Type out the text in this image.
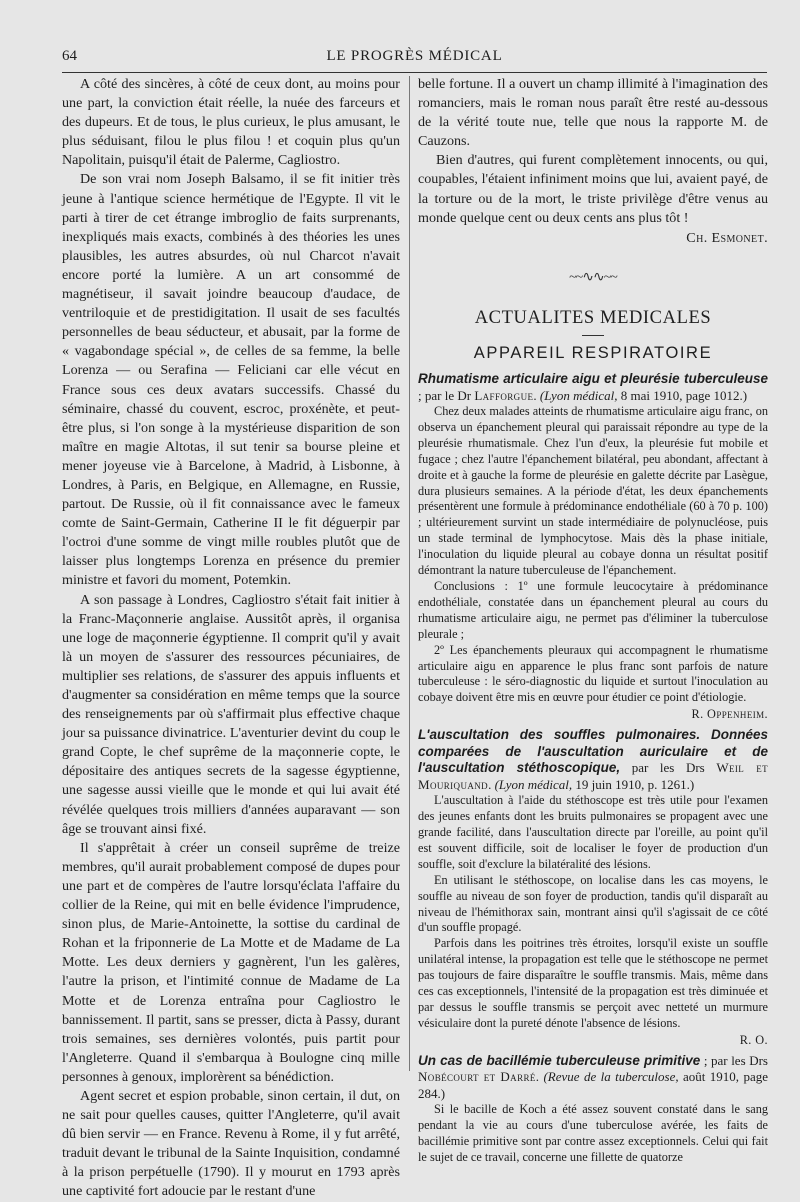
64	LE PROGRÈS MÉDICAL

A côté des sincères, à côté de ceux dont, au moins pour une part, la conviction était réelle, la nuée des farceurs et des dupeurs. Et de tous, le plus curieux, le plus amusant, le plus séduisant, filou le plus filou ! et coquin plus qu'un Napolitain, puisqu'il était de Palerme, Cagliostro.

De son vrai nom Joseph Balsamo, il se fit initier très jeune à l'antique science hermétique de l'Egypte. Il vit le parti à tirer de cet étrange imbroglio de faits surprenants, inexpliqués mais exacts, combinés à des théories les unes plausibles, les autres absurdes, où nul Charcot n'avait encore porté la lumière. A un art consommé de magnétiseur, il savait joindre beaucoup d'audace, de ventriloquie et de prestidigitation. Il usait de ses facultés personnelles de beau séducteur, et abusait, par la forme de « vagabondage spécial », de celles de sa femme, la belle Lorenza — ou Serafina — Feliciani car elle vécut en France sous ces deux avatars successifs. Chassé du séminaire, chassé du couvent, escroc, proxénète, et peut-être plus, si l'on songe à la mystérieuse disparition de son maître en magie Altotas, il sut tenir sa bourse pleine et mener joyeuse vie à Barcelone, à Madrid, à Lisbonne, à Londres, à Paris, en Belgique, en Allemagne, en Russie, partout. De Russie, où il fit connaissance avec le fameux comte de Saint-Germain, Catherine II le fit déguerpir par l'octroi d'une somme de vingt mille roubles plutôt que de laisser plus longtemps Lorenza en présence du premier ministre et favori du moment, Potemkin.

A son passage à Londres, Cagliostro s'était fait initier à la Franc-Maçonnerie anglaise. Aussitôt après, il organisa une loge de maçonnerie égyptienne. Il comprit qu'il y avait là un moyen de s'assurer des ressources pécuniaires, de multiplier ses relations, de s'assurer des appuis influents et d'augmenter sa considération en même temps que la source des renseignements par où s'affirmait plus effective chaque jour sa puissance divinatrice. L'aventurier devint du coup le grand Copte, le chef suprême de la maçonnerie copte, le dépositaire des antiques secrets de la sagesse égyptienne, une sagesse aussi vieille que le monde et qui lui avait été révélée quelques trois milliers d'années auparavant — son âge se trouvant ainsi fixé.

Il s'apprêtait à créer un conseil suprême de treize membres, qu'il aurait probablement composé de dupes pour une part et de compères de l'autre lorsqu'éclata l'affaire du collier de la Reine, qui mit en belle évidence l'imprudence, sinon plus, de Marie-Antoinette, la sottise du cardinal de Rohan et la friponnerie de La Motte et de Madame de La Motte. Les deux derniers y gagnèrent, l'un les galères, l'autre la prison, et l'intimité connue de Madame de La Motte et de Lorenza entraîna pour Cagliostro le bannissement. Il partit, sans se presser, dicta à Passy, durant trois semaines, ses dernières volontés, puis partit pour l'Angleterre. Quand il s'embarqua à Boulogne cinq mille personnes à genoux, implorèrent sa bénédiction.

Agent secret et espion probable, sinon certain, il dut, on ne sait pour quelles causes, quitter l'Angleterre, qu'il avait dû bien servir — en France. Revenu à Rome, il y fut arrêté, traduit devant le tribunal de la Sainte Inquisition, condamné à la prison perpétuelle (1790). Il y mourut en 1793 après une captivité fort adoucie par le restant d'une

belle fortune. Il a ouvert un champ illimité à l'imagination des romanciers, mais le roman nous paraît être resté au-dessous de la vérité toute nue, telle que nous la rapporte M. de Cauzons.

Bien d'autres, qui furent complètement innocents, ou qui, coupables, l'étaient infiniment moins que lui, avaient payé, de la torture ou de la mort, le triste privilège d'être venus au monde quelque cent ou deux cents ans plus tôt !

Ch. Esmonet.

~~∿∿~~
ACTUALITES MEDICALES
APPAREIL RESPIRATOIRE

Rhumatisme articulaire aigu et pleurésie tuberculeuse ; par le Dr Lafforgue. (Lyon médical, 8 mai 1910, page 1012.)

Chez deux malades atteints de rhumatisme articulaire aigu franc, on observa un épanchement pleural qui paraissait répondre au type de la pleurésie rhumatismale. Chez l'un d'eux, la pleurésie fut mobile et fugace ; chez l'autre l'épanchement bilatéral, peu abondant, affectant à droite et à gauche la forme de pleurésie en galette décrite par Lasègue, dura plusieurs semaines. A la période d'état, les deux épanchements présentèrent une formule à prédominance endothéliale (60 à 70 p. 100) ; ultérieurement survint un stade intermédiaire de polynucléose, puis un stade terminal de lymphocytose. Mais dès la phase initiale, l'inoculation du liquide pleural au cobaye donna un résultat positif démontrant la nature tuberculeuse de l'épanchement.

Conclusions : 1º une formule leucocytaire à prédominance endothéliale, constatée dans un épanchement pleural au cours du rhumatisme articulaire aigu, ne permet pas d'éliminer la tuberculose pleurale ;

2º Les épanchements pleuraux qui accompagnent le rhumatisme articulaire aigu en apparence le plus franc sont parfois de nature tuberculeuse : le séro-diagnostic du liquide et surtout l'inoculation au cobaye doivent être mis en œuvre pour étudier ce point d'étiologie.

R. Oppenheim.

L'auscultation des souffles pulmonaires. Données comparées de l'auscultation auriculaire et de l'auscultation stéthoscopique, par les Drs Weil et Mouriquand. (Lyon médical, 19 juin 1910, p. 1261.)

L'auscultation à l'aide du stéthoscope est très utile pour l'examen des jeunes enfants dont les bruits pulmonaires se propagent avec une grande facilité, dans l'auscultation directe par l'oreille, au point qu'il est souvent difficile, soit de localiser le foyer de production d'un souffle, soit d'exclure la bilatéralité des lésions.

En utilisant le stéthoscope, on localise dans les cas moyens, le souffle au niveau de son foyer de production, tandis qu'il disparaît au niveau de l'hémithorax sain, montrant ainsi qu'il s'agissait de ce côté d'un souffle propagé.

Parfois dans les poitrines très étroites, lorsqu'il existe un souffle unilatéral intense, la propagation est telle que le stéthoscope ne permet pas toujours de faire disparaître le souffle transmis. Mais, même dans ces cas exceptionnels, l'intensité de la propagation est très diminuée et par dessus le souffle transmis se perçoit avec netteté un murmure vésiculaire dont la pureté dénote l'absence de lésions.

R. O.

Un cas de bacillémie tuberculeuse primitive ; par les Drs Nobécourt et Darré. (Revue de la tuberculose, août 1910, page 284.)

Si le bacille de Koch a été assez souvent constaté dans le sang pendant la vie au cours d'une tuberculose avérée, les faits de bacillémie primitive sont par contre assez exceptionnels. Celui qui fait le sujet de ce travail, concerne une fillette de quatorze
